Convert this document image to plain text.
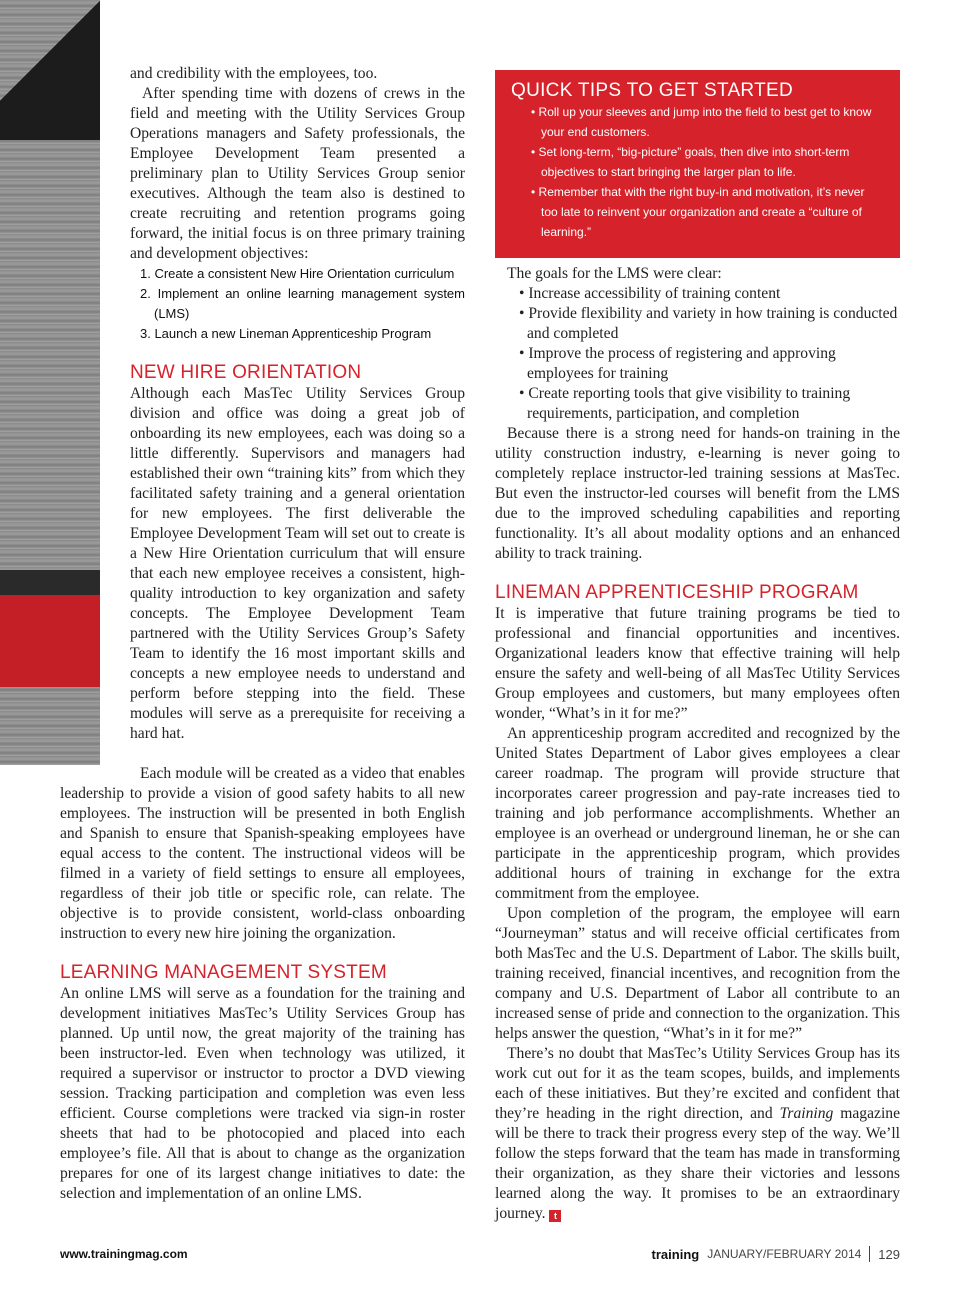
and credibility with the employees, too.

After spending time with dozens of crews in the field and meeting with the Utility Services Group Operations managers and Safety professionals, the Employee Development Team presented a preliminary plan to Utility Services Group senior executives. Although the team also is destined to create recruiting and retention programs going forward, the initial focus is on three primary training and development objectives:

1. Create a consistent New Hire Orientation curriculum
2. Implement an online learning management system (LMS)
3. Launch a new Lineman Apprenticeship Program
NEW HIRE ORIENTATION

Although each MasTec Utility Services Group division and office was doing a great job of onboarding its new employees, each was doing so a little differently. Supervisors and managers had established their own “training kits” from which they facilitated safety training and a general orientation for new employees. The first deliverable the Employee Development Team will set out to create is a New Hire Orientation curriculum that will ensure that each new employee receives a consistent, high-quality introduction to key organization and safety concepts. The Employee Development Team partnered with the Utility Services Group’s Safety Team to identify the 16 most important skills and concepts a new employee needs to understand and perform before stepping into the field. These modules will serve as a prerequisite for receiving a hard hat.

Each module will be created as a video that enables leadership to provide a vision of good safety habits to all new employees. The instruction will be presented in both English and Spanish to ensure that Spanish-speaking employees have equal access to the content. The instructional videos will be filmed in a variety of field settings to ensure all employees, regardless of their job title or specific role, can relate. The objective is to provide consistent, world-class onboarding instruction to every new hire joining the organization.

LEARNING MANAGEMENT SYSTEM

An online LMS will serve as a foundation for the training and development initiatives MasTec’s Utility Services Group has planned. Up until now, the great majority of the training has been instructor-led. Even when technology was utilized, it required a supervisor or instructor to proctor a DVD viewing session. Tracking participation and completion was even less efficient. Course completions were tracked via sign-in roster sheets that had to be photocopied and placed into each employee’s file. All that is about to change as the organization prepares for one of its largest change initiatives to date: the selection and implementation of an online LMS.

QUICK TIPS TO GET STARTED
• Roll up your sleeves and jump into the field to best get to know your end customers.
• Set long-term, “big-picture” goals, then dive into short-term objectives to start bringing the larger plan to life.
• Remember that with the right buy-in and motivation, it’s never too late to reinvent your organization and create a “culture of learning.”

The goals for the LMS were clear:

• Increase accessibility of training content
• Provide flexibility and variety in how training is conducted and completed
• Improve the process of registering and approving employees for training
• Create reporting tools that give visibility to training requirements, participation, and completion

Because there is a strong need for hands-on training in the utility construction industry, e-learning is never going to completely replace instructor-led training sessions at MasTec. But even the instructor-led courses will benefit from the LMS due to the improved scheduling capabilities and reporting functionality. It’s all about modality options and an enhanced ability to track training.

LINEMAN APPRENTICESHIP PROGRAM

It is imperative that future training programs be tied to professional and financial opportunities and incentives. Organizational leaders know that effective training will help ensure the safety and well-being of all MasTec Utility Services Group employees and customers, but many employees often wonder, “What’s in it for me?”

An apprenticeship program accredited and recognized by the United States Department of Labor gives employees a clear career roadmap. The program will provide structure that incorporates career progression and pay-rate increases tied to training and job performance accomplishments. Whether an employee is an overhead or underground lineman, he or she can participate in the apprenticeship program, which provides additional hours of training in exchange for the extra commitment from the employee.

Upon completion of the program, the employee will earn “Journeyman” status and will receive official certificates from both MasTec and the U.S. Department of Labor. The skills built, training received, financial incentives, and recognition from the company and U.S. Department of Labor all contribute to an increased sense of pride and connection to the organization. This helps answer the question, “What’s in it for me?”

There’s no doubt that MasTec’s Utility Services Group has its work cut out for it as the team scopes, builds, and implements each of these initiatives. But they’re excited and confident that they’re heading in the right direction, and Training magazine will be there to track their progress every step of the way. We’ll follow the steps forward that the team has made in transforming their organization, as they share their victories and lessons learned along the way. It promises to be an extraordinary journey. t

www.trainingmag.com	training JANUARY/FEBRUARY 2014 129
